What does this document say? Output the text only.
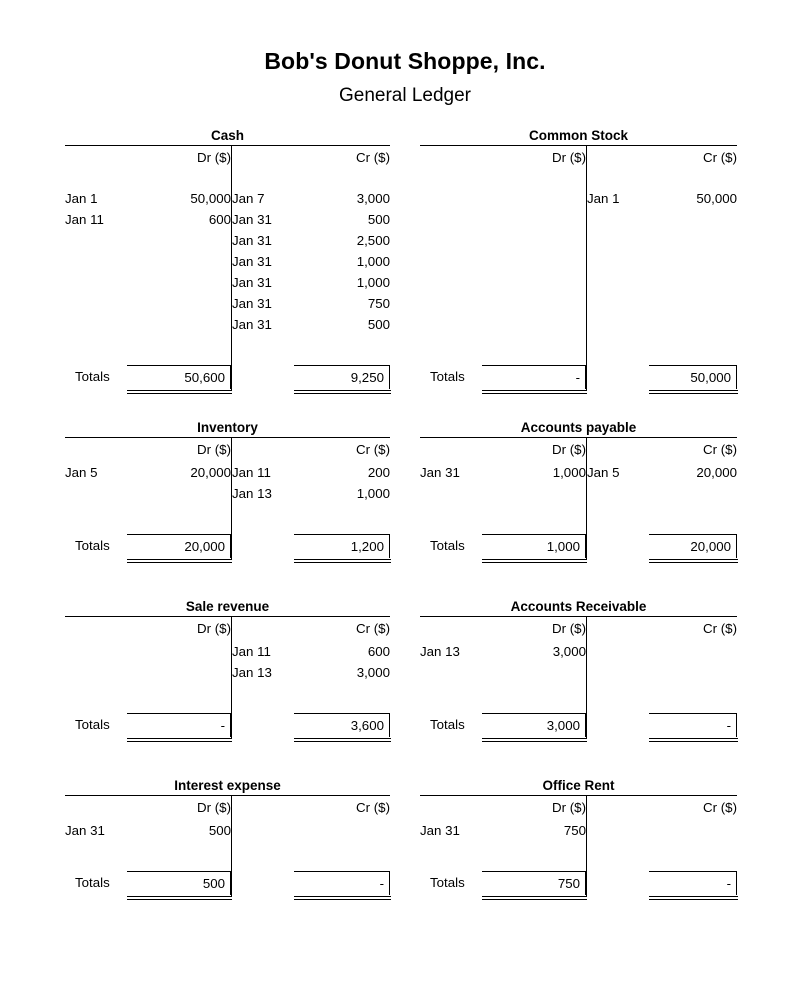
Bob's Donut Shoppe, Inc.
General Ledger
Cash
	Dr ($)		Cr ($)

Jan 1	50,000	Jan 7	3,000
Jan 11	600	Jan 31	500
		Jan 31	2,500
		Jan 31	1,000
		Jan 31	1,000
		Jan 31	750
		Jan 31	500

Totals	50,600		9,250
Common Stock
	Dr ($)		Cr ($)

		Jan 1	50,000

Totals	-		50,000
Inventory
	Dr ($)		Cr ($)
Jan 5	20,000	Jan 11	200
		Jan 13	1,000

Totals	20,000		1,200
Accounts payable
	Dr ($)		Cr ($)
Jan 31	1,000	Jan 5	20,000

Totals	1,000		20,000
Sale revenue
	Dr ($)		Cr ($)
		Jan 11	600
		Jan 13	3,000

Totals	-		3,600
Accounts Receivable
	Dr ($)		Cr ($)
Jan 13	3,000		

Totals	3,000		-
Interest expense
	Dr ($)		Cr ($)
Jan 31	500		

Totals	500		-
Office Rent
	Dr ($)		Cr ($)
Jan 31	750		

Totals	750		-
